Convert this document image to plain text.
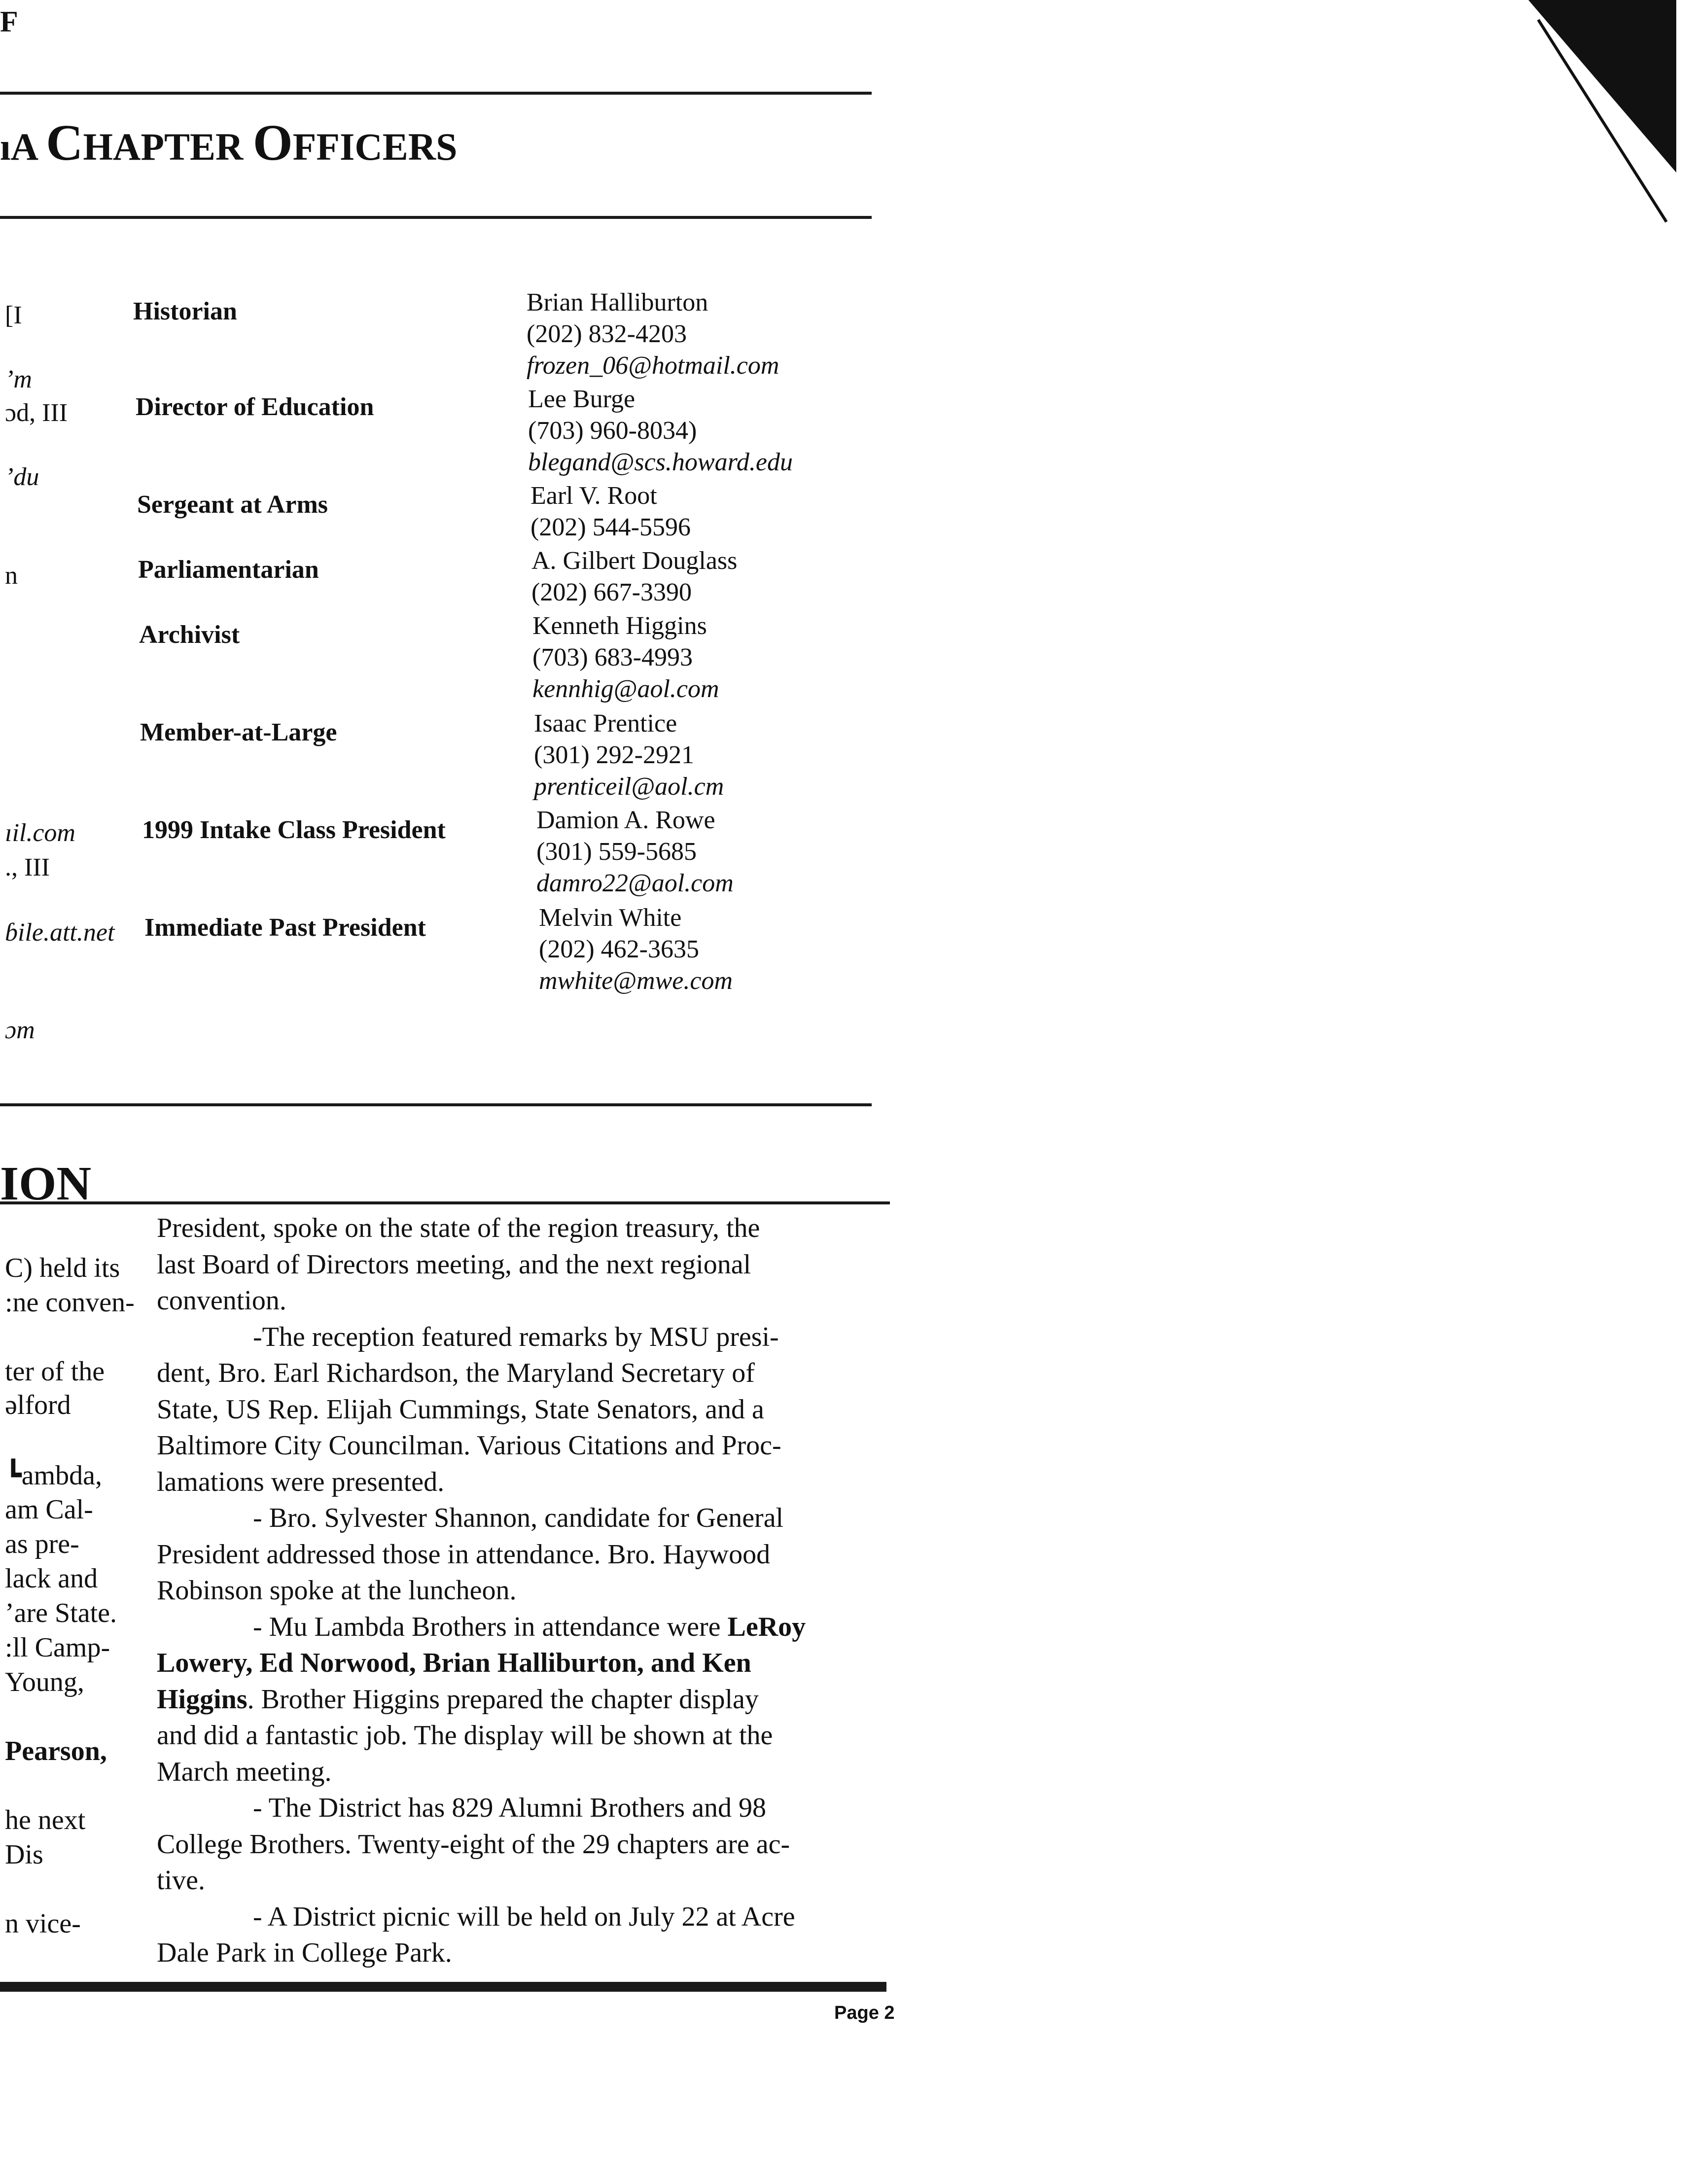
F
ıA CHAPTER OFFICERS
[I
’m
ɔd, III
’du
n
ıil.com
., III
ɓile.att.net
ɔm
Historian
Director of Education
Sergeant at Arms
Parliamentarian
Archivist
Member-at-Large
1999 Intake Class President
Immediate Past President
Brian Halliburton
(202) 832-4203
frozen_06@hotmail.com
Lee Burge
(703) 960-8034)
blegand@scs.howard.edu
Earl V. Root
(202) 544-5596
A. Gilbert Douglass
(202) 667-3390
Kenneth Higgins
(703) 683-4993
kennhig@aol.com
Isaac Prentice
(301) 292-2921
prenticeil@aol.cm
Damion A. Rowe
(301) 559-5685
damro22@aol.com
Melvin White
(202) 462-3635
mwhite@mwe.com
ION
C) held its
:ne conven-
ter of the
əlford
┗ambda,
am Cal-
as pre-
lack and
’are State.
:ll Camp-
Young,
Pearson,
he next
Dis
n vice-
President, spoke on the state of the region treasury, the
last Board of Directors meeting, and the next regional
convention.
-The reception featured remarks by MSU presi-
dent, Bro. Earl Richardson, the Maryland Secretary of
State, US Rep. Elijah Cummings, State Senators, and a
Baltimore City Councilman. Various Citations and Proc-
lamations were presented.
- Bro. Sylvester Shannon, candidate for General
President addressed those in attendance. Bro. Haywood
Robinson spoke at the luncheon.
- Mu Lambda Brothers in attendance were LeRoy
Lowery, Ed Norwood, Brian Halliburton, and Ken
Higgins. Brother Higgins prepared the chapter display
and did a fantastic job. The display will be shown at the
March meeting.
- The District has 829 Alumni Brothers and 98
College Brothers. Twenty-eight of the 29 chapters are ac-
tive.
- A District picnic will be held on July 22 at Acre
Dale Park in College Park.
Page 2
